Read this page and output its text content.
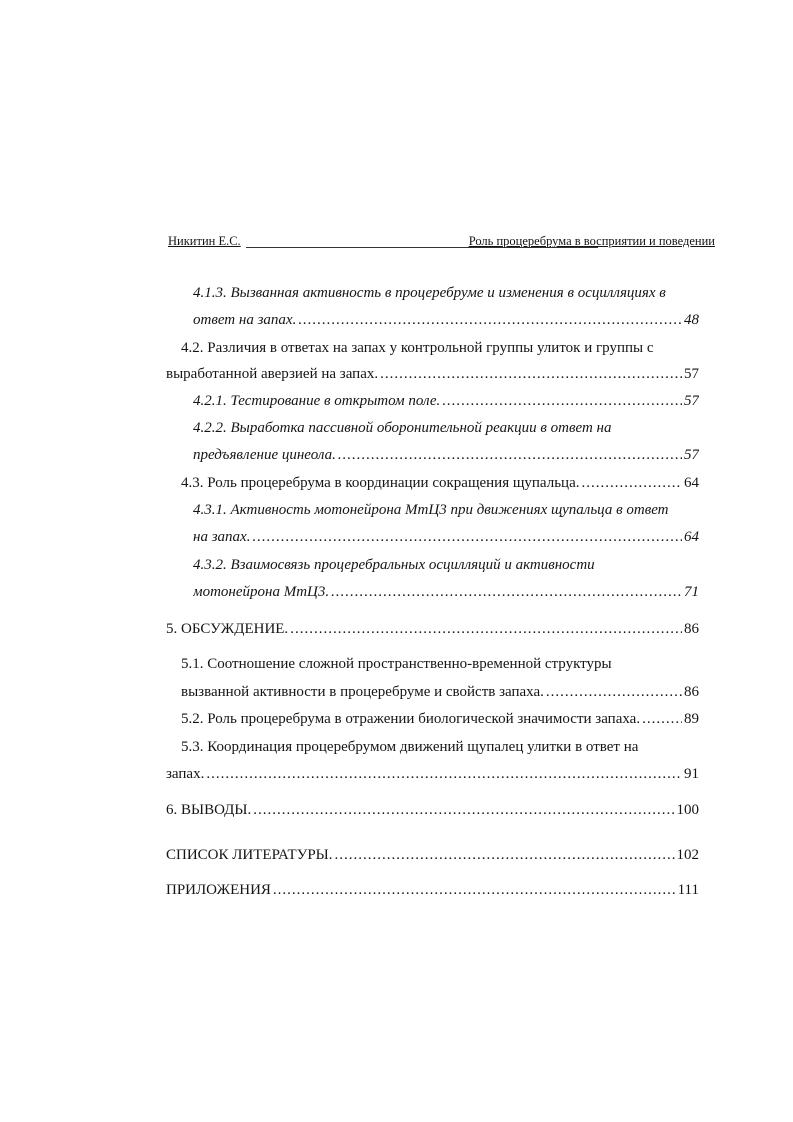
Никитин Е.С.	Роль процеребрума в восприятии и поведении
4.1.3. Вызванная активность в процеребруме и изменения в осцилляциях в
ответ на запах. .....	48
4.2. Различия в ответах на запах у контрольной группы улиток и группы с
выработанной аверзией на запах. .....	57
4.2.1. Тестирование в открытом поле. .....	57
4.2.2. Выработка пассивной оборонительной реакции в ответ на
предъявление цинеола. .....	57
4.3. Роль процеребрума в координации сокращения щупальца. .....	64
4.3.1. Активность мотонейрона МтЦ3 при движениях щупальца в ответ
на запах. .....	64
4.3.2. Взаимосвязь процеребральных осцилляций и активности
мотонейрона МтЦ3. .....	71
5. ОБСУЖДЕНИЕ. .....	86
5.1. Соотношение сложной пространственно-временной структуры
вызванной активности в процеребруме и свойств запаха. .....	86
5.2. Роль процеребрума в отражении биологической значимости запаха. .....	89
5.3. Координация процеребрумом движений щупалец улитки в ответ на
запах. .....	91
6. ВЫВОДЫ. .....	100
СПИСОК ЛИТЕРАТУРЫ. .....	102
ПРИЛОЖЕНИЯ .....	111
